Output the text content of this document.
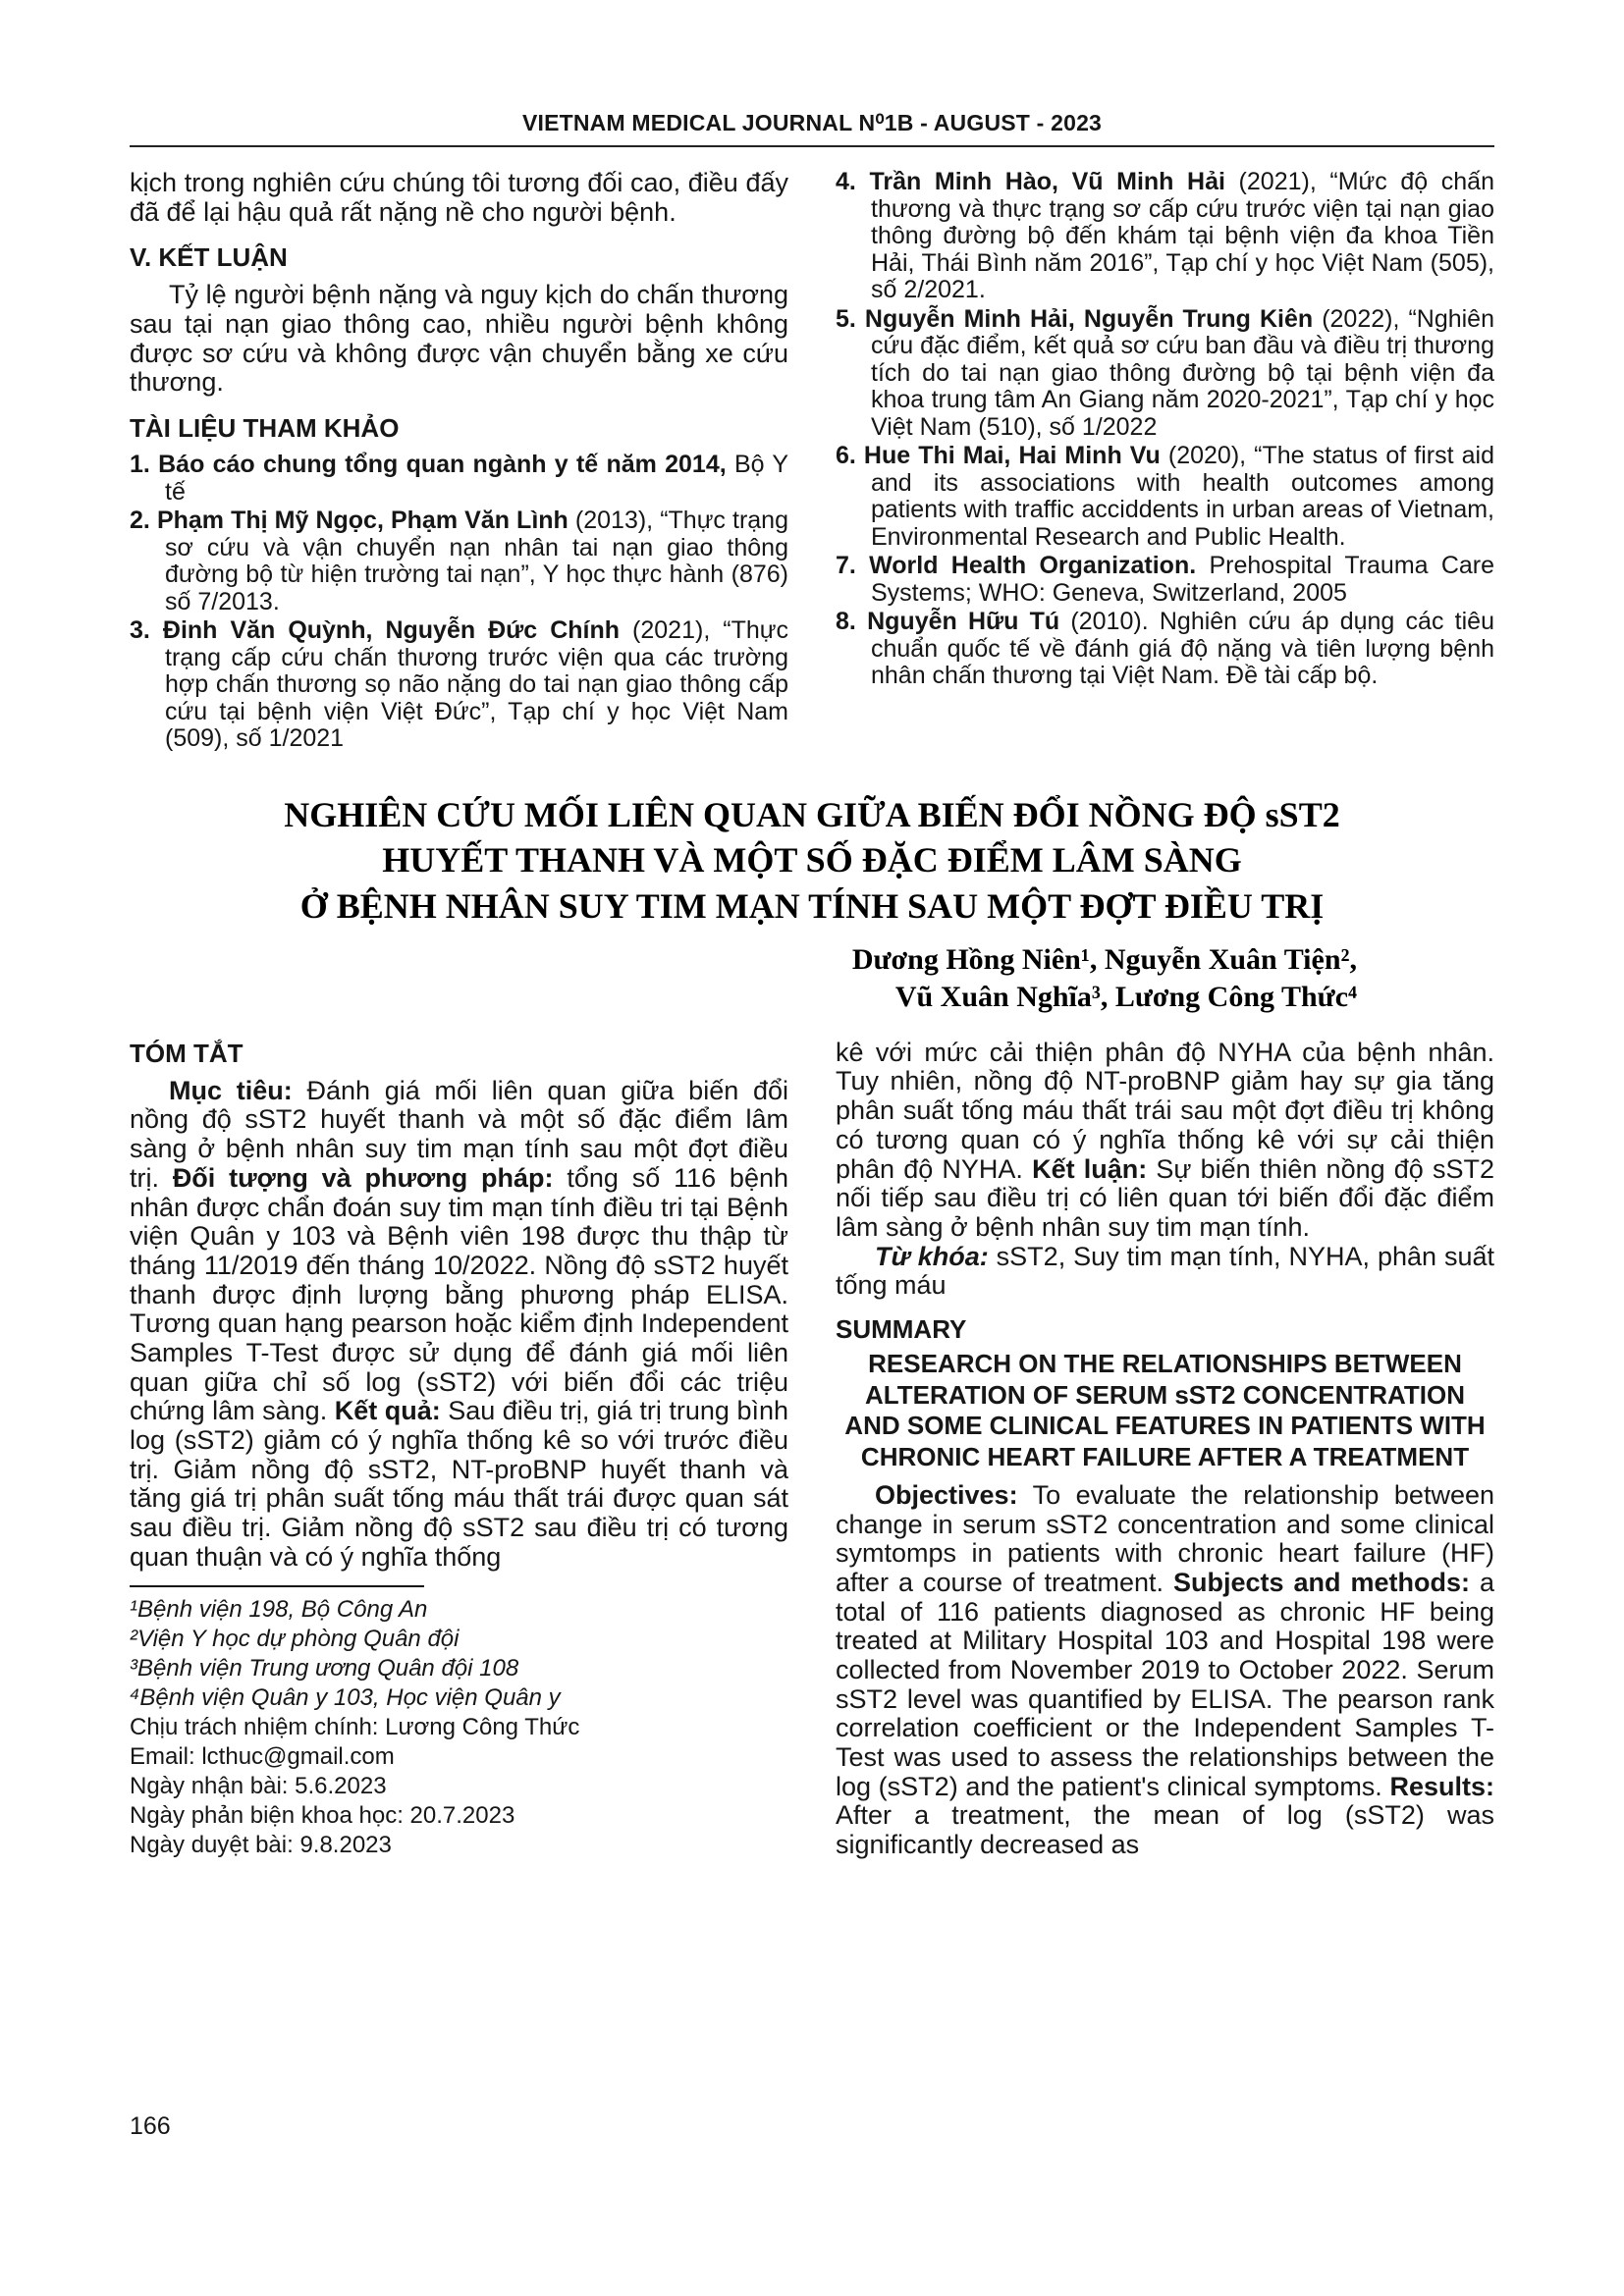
VIETNAM MEDICAL JOURNAL N⁰1B - AUGUST - 2023

kịch trong nghiên cứu chúng tôi tương đối cao, điều đấy đã để lại hậu quả rất nặng nề cho người bệnh.

V. KẾT LUẬN

Tỷ lệ người bệnh nặng và nguy kịch do chấn thương sau tại nạn giao thông cao, nhiều người bệnh không được sơ cứu và không được vận chuyển bằng xe cứu thương.

TÀI LIỆU THAM KHẢO
1. Báo cáo chung tổng quan ngành y tế năm 2014, Bộ Y tế
2. Phạm Thị Mỹ Ngọc, Phạm Văn Lình (2013), “Thực trạng sơ cứu và vận chuyển nạn nhân tai nạn giao thông đường bộ từ hiện trường tai nạn”, Y học thực hành (876) số 7/2013.
3. Đinh Văn Quỳnh, Nguyễn Đức Chính (2021), “Thực trạng cấp cứu chấn thương trước viện qua các trường hợp chấn thương sọ não nặng do tai nạn giao thông cấp cứu tại bệnh viện Việt Đức”, Tạp chí y học Việt Nam (509), số 1/2021
4. Trần Minh Hào, Vũ Minh Hải (2021), “Mức độ chấn thương và thực trạng sơ cấp cứu trước viện tại nạn giao thông đường bộ đến khám tại bệnh viện đa khoa Tiền Hải, Thái Bình năm 2016”, Tạp chí y học Việt Nam (505), số 2/2021.
5. Nguyễn Minh Hải, Nguyễn Trung Kiên (2022), “Nghiên cứu đặc điểm, kết quả sơ cứu ban đầu và điều trị thương tích do tai nạn giao thông đường bộ tại bệnh viện đa khoa trung tâm An Giang năm 2020-2021”, Tạp chí y học Việt Nam (510), số 1/2022
6. Hue Thi Mai, Hai Minh Vu (2020), “The status of first aid and its associations with health outcomes among patients with traffic acciddents in urban areas of Vietnam, Environmental Research and Public Health.
7. World Health Organization. Prehospital Trauma Care Systems; WHO: Geneva, Switzerland, 2005
8. Nguyễn Hữu Tú (2010). Nghiên cứu áp dụng các tiêu chuẩn quốc tế về đánh giá độ nặng và tiên lượng bệnh nhân chấn thương tại Việt Nam. Đề tài cấp bộ.
NGHIÊN CỨU MỐI LIÊN QUAN GIỮA BIẾN ĐỔI NỒNG ĐỘ sST2
HUYẾT THANH VÀ MỘT SỐ ĐẶC ĐIỂM LÂM SÀNG
Ở BỆNH NHÂN SUY TIM MẠN TÍNH SAU MỘT ĐỢT ĐIỀU TRỊ
Dương Hồng Niên¹, Nguyễn Xuân Tiện²,
Vũ Xuân Nghĩa³, Lương Công Thức⁴
TÓM TẮT

Mục tiêu: Đánh giá mối liên quan giữa biến đổi nồng độ sST2 huyết thanh và một số đặc điểm lâm sàng ở bệnh nhân suy tim mạn tính sau một đợt điều trị. Đối tượng và phương pháp: tổng số 116 bệnh nhân được chẩn đoán suy tim mạn tính điều tri tại Bệnh viện Quân y 103 và Bệnh viên 198 được thu thập từ tháng 11/2019 đến tháng 10/2022. Nồng độ sST2 huyết thanh được định lượng bằng phương pháp ELISA. Tương quan hạng pearson hoặc kiểm định Independent Samples T-Test được sử dụng để đánh giá mối liên quan giữa chỉ số log (sST2) với biến đổi các triệu chứng lâm sàng. Kết quả: Sau điều trị, giá trị trung bình log (sST2) giảm có ý nghĩa thống kê so với trước điều trị. Giảm nồng độ sST2, NT-proBNP huyết thanh và tăng giá trị phân suất tống máu thất trái được quan sát sau điều trị. Giảm nồng độ sST2 sau điều trị có tương quan thuận và có ý nghĩa thống

¹Bệnh viện 198, Bộ Công An

²Viện Y học dự phòng Quân đội

³Bệnh viện Trung ương Quân đội 108

⁴Bệnh viện Quân y 103, Học viện Quân y

Chịu trách nhiệm chính: Lương Công Thức

Email: lcthuc@gmail.com

Ngày nhận bài: 5.6.2023

Ngày phản biện khoa học: 20.7.2023

Ngày duyệt bài: 9.8.2023

kê với mức cải thiện phân độ NYHA của bệnh nhân. Tuy nhiên, nồng độ NT-proBNP giảm hay sự gia tăng phân suất tống máu thất trái sau một đợt điều trị không có tương quan có ý nghĩa thống kê với sự cải thiện phân độ NYHA. Kết luận: Sự biến thiên nồng độ sST2 nối tiếp sau điều trị có liên quan tới biến đổi đặc điểm lâm sàng ở bệnh nhân suy tim mạn tính.

Từ khóa: sST2, Suy tim mạn tính, NYHA, phân suất tống máu

SUMMARY

RESEARCH ON THE RELATIONSHIPS BETWEEN ALTERATION OF SERUM sST2 CONCENTRATION AND SOME CLINICAL FEATURES IN PATIENTS WITH CHRONIC HEART FAILURE AFTER A TREATMENT

Objectives: To evaluate the relationship between change in serum sST2 concentration and some clinical symtomps in patients with chronic heart failure (HF) after a course of treatment. Subjects and methods: a total of 116 patients diagnosed as chronic HF being treated at Military Hospital 103 and Hospital 198 were collected from November 2019 to October 2022. Serum sST2 level was quantified by ELISA. The pearson rank correlation coefficient or the Independent Samples T-Test was used to assess the relationships between the log (sST2) and the patient's clinical symptoms. Results: After a treatment, the mean of log (sST2) was significantly decreased as

166
